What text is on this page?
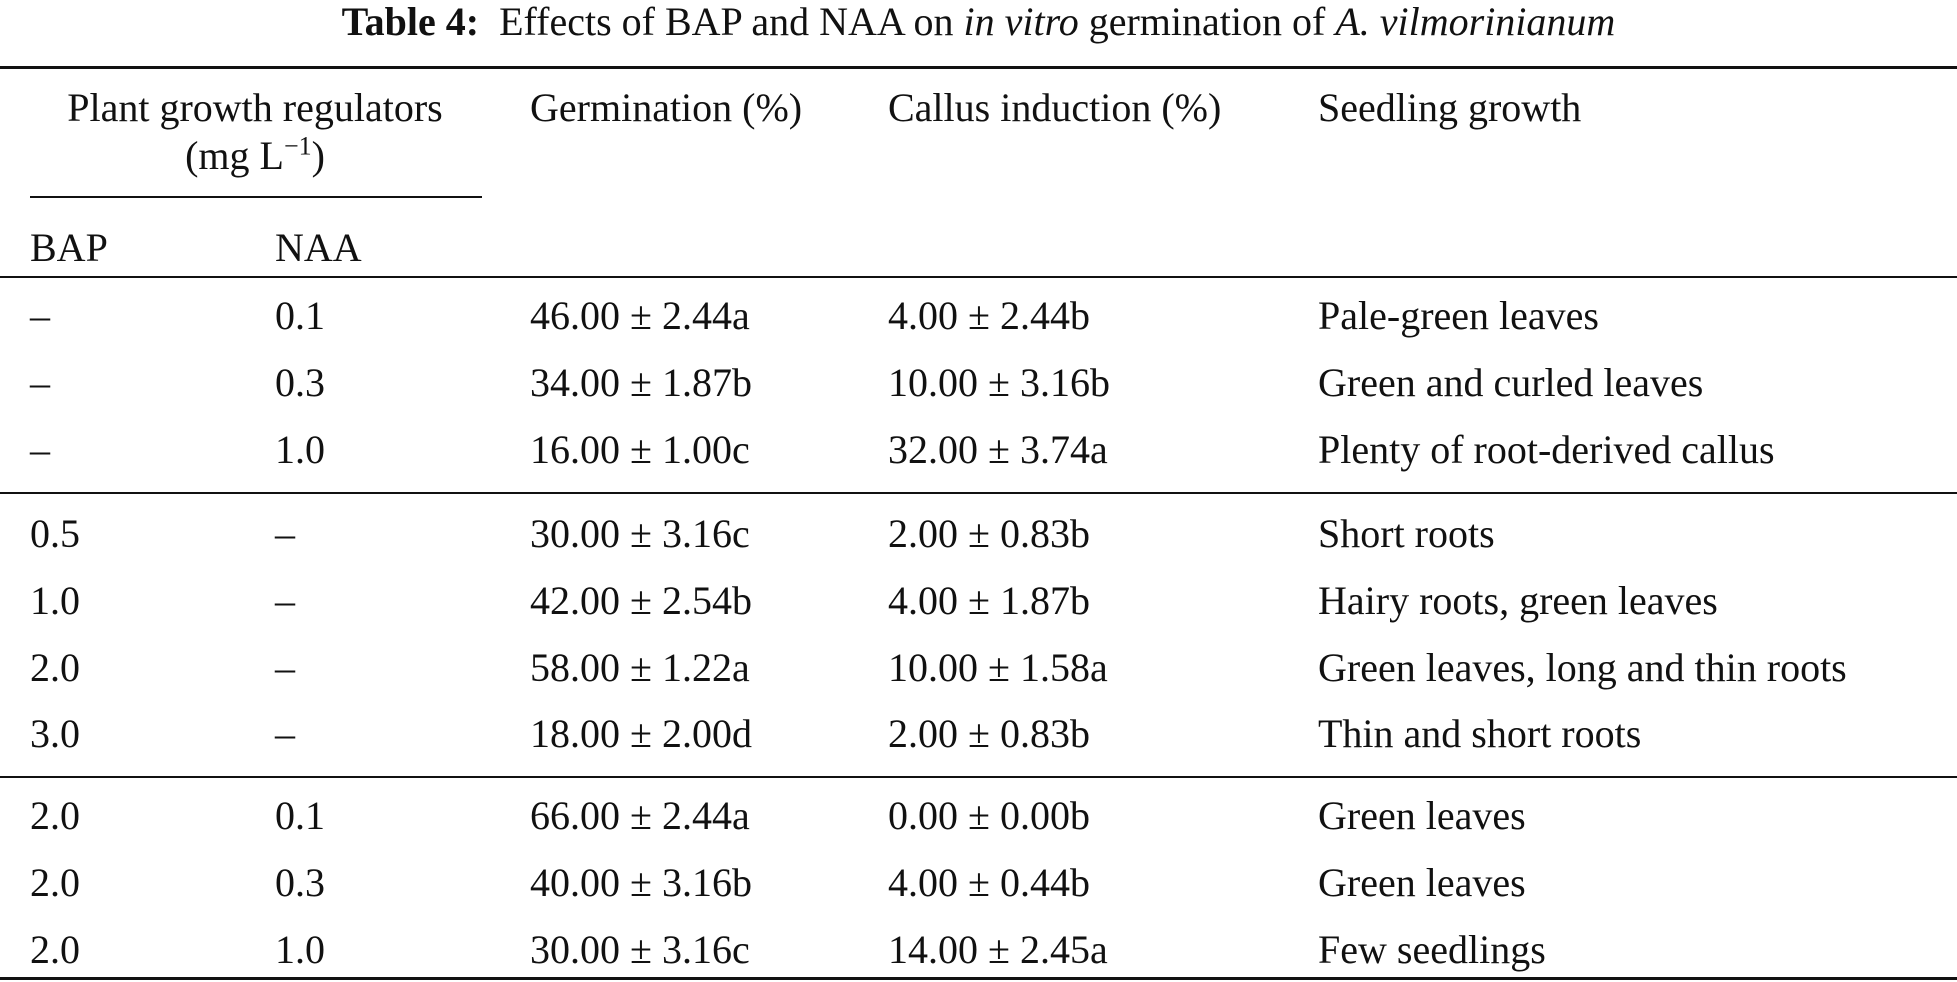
Table 4: Effects of BAP and NAA on in vitro germination of A. vilmorinianum
Plant growth regulators
(mg $L^{-1}$)
Germination (%) Callus induction (%) Seedling growth
BAP	NAA
–	0.1	46.00 ± 2.44a	4.00 ± 2.44b	Pale-green leaves
–	0.3	34.00 ± 1.87b	10.00 ± 3.16b	Green and curled leaves
–	1.0	16.00 ± 1.00c	32.00 ± 3.74a	Plenty of root-derived callus
0.5	–	30.00 ± 3.16c	2.00 ± 0.83b	Short roots
1.0	–	42.00 ± 2.54b	4.00 ± 1.87b	Hairy roots, green leaves
2.0	–	58.00 ± 1.22a	10.00 ± 1.58a	Green leaves, long and thin roots
3.0	–	18.00 ± 2.00d	2.00 ± 0.83b	Thin and short roots
2.0	0.1	66.00 ± 2.44a	0.00 ± 0.00b	Green leaves
2.0	0.3	40.00 ± 3.16b	4.00 ± 0.44b	Green leaves
2.0	1.0	30.00 ± 3.16c	14.00 ± 2.45a	Few seedlings
